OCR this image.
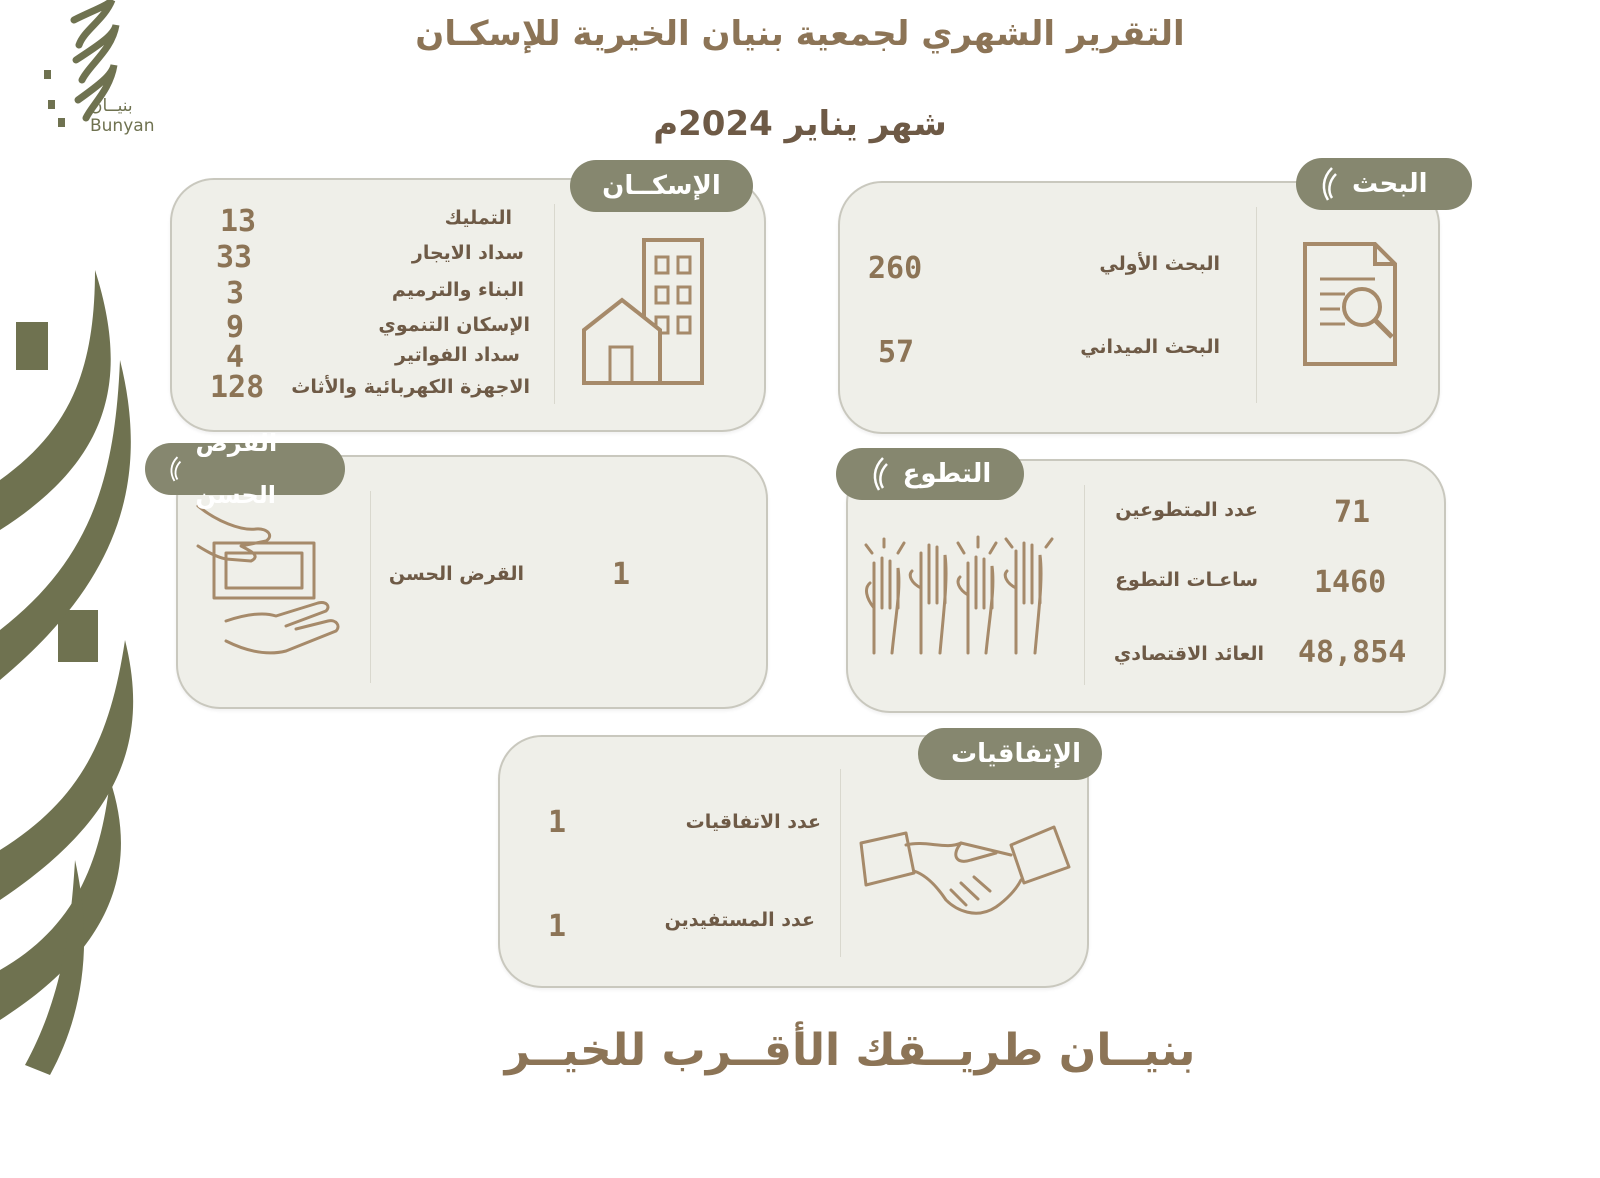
بنيــان
Bunyan
التقرير الشهري لجمعية بنيان الخيرية للإسكـان
شهر يناير 2024م
البحث الأولي
260
البحث الميداني
57
البحث
التمليك
13
سداد الايجار
33
البناء والترميم
3
الإسكان التنموي
9
سداد الفواتير
4
الاجهزة الكهربائية والأثاث
128
الإسكــان
عدد المتطوعين	71
ساعـات التطوع 1460
العائد الاقتصادي 48,854
التطوع
القرض الحسن	1
القرض الحسن
عدد الاتفاقيات
1
عدد المستفيدين
1
الإتفاقيات
بنيــان طريــقك الأقــرب للخيــر
